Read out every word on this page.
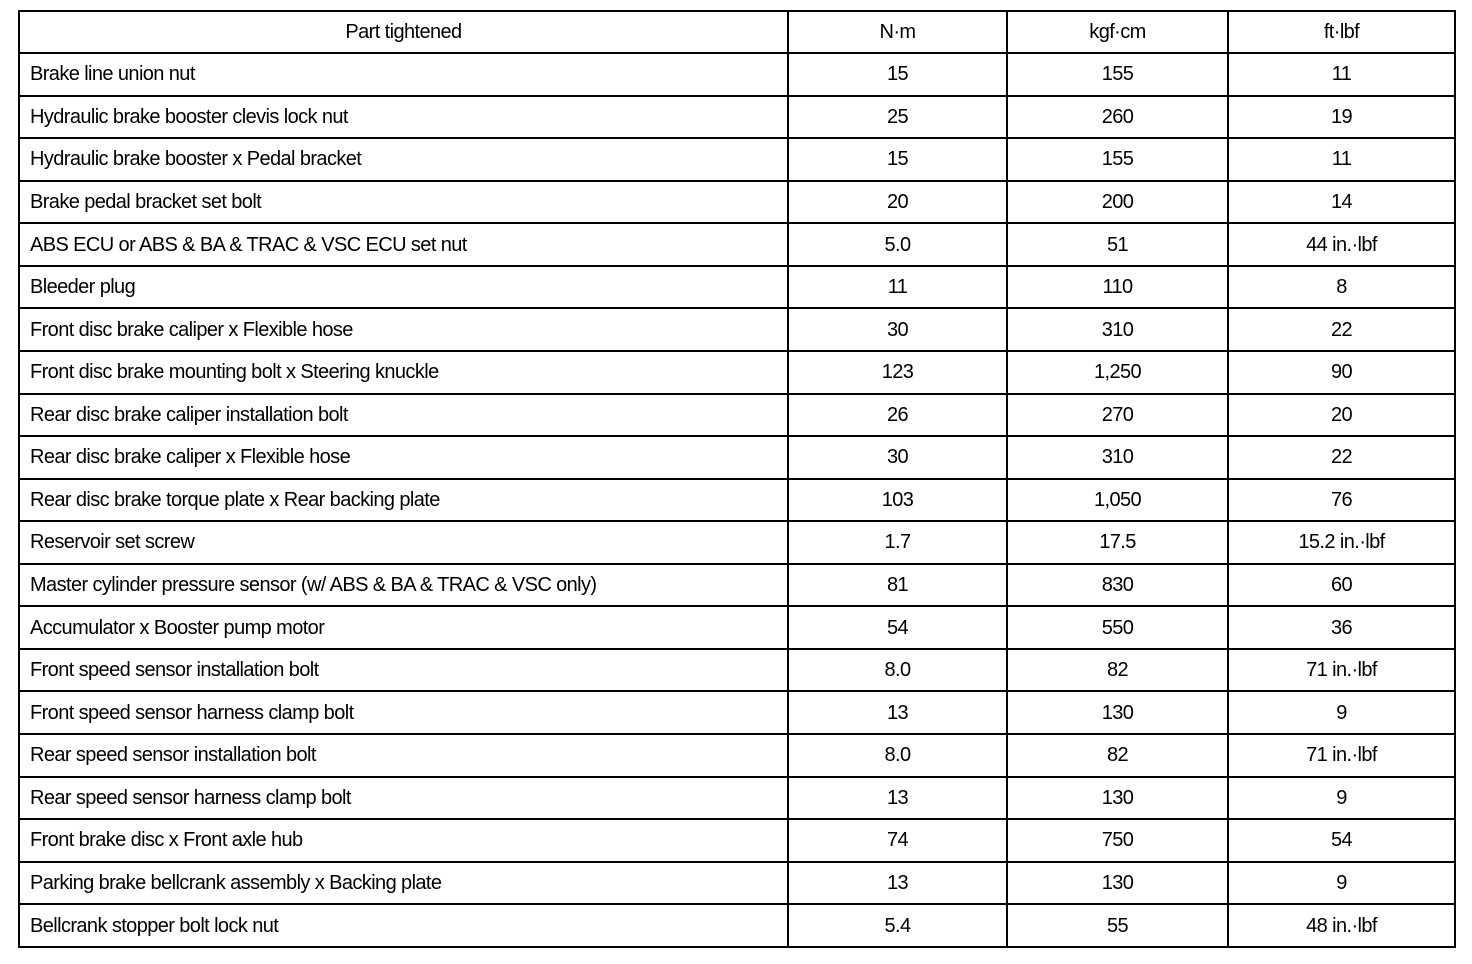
Part tightened	N·m	kgf·cm	ft·lbf
Brake line union nut	15	155	11
Hydraulic brake booster clevis lock nut	25	260	19
Hydraulic brake booster x Pedal bracket	15	155	11
Brake pedal bracket set bolt	20	200	14
ABS ECU or ABS & BA & TRAC & VSC ECU set nut	5.0	51	44 in.·lbf
Bleeder plug	11	110	8
Front disc brake caliper x Flexible hose	30	310	22
Front disc brake mounting bolt x Steering knuckle	123	1,250	90
Rear disc brake caliper installation bolt	26	270	20
Rear disc brake caliper x Flexible hose	30	310	22
Rear disc brake torque plate x Rear backing plate	103	1,050	76
Reservoir set screw	1.7	17.5	15.2 in.·lbf
Master cylinder pressure sensor (w/ ABS & BA & TRAC & VSC only)	81	830	60
Accumulator x Booster pump motor	54	550	36
Front speed sensor installation bolt	8.0	82	71 in.·lbf
Front speed sensor harness clamp bolt	13	130	9
Rear speed sensor installation bolt	8.0	82	71 in.·lbf
Rear speed sensor harness clamp bolt	13	130	9
Front brake disc x Front axle hub	74	750	54
Parking brake bellcrank assembly x Backing plate	13	130	9
Bellcrank stopper bolt lock nut	5.4	55	48 in.·lbf
